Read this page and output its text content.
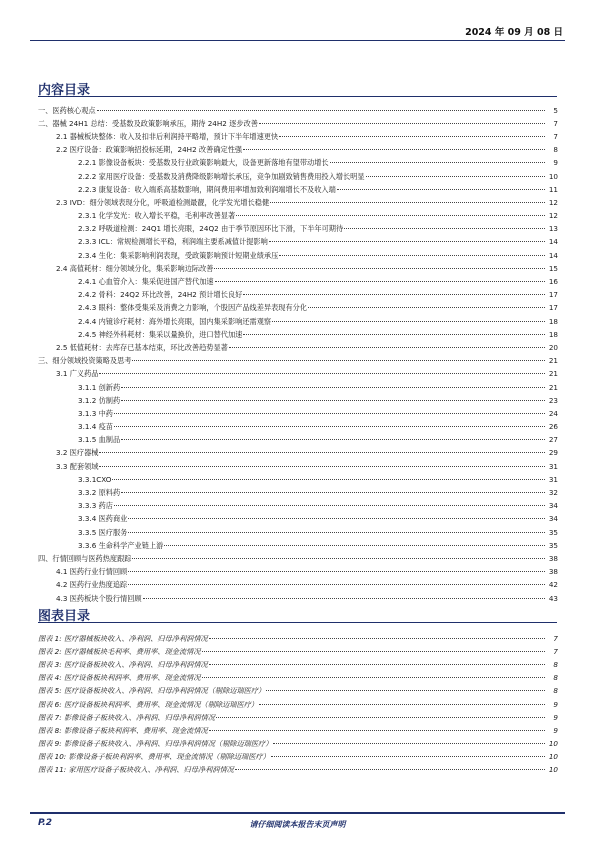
2024 年 09 月 08 日
内容目录
一、医药核心观点	5
二、器械 24H1 总结：受基数及政策影响承压，期待 24H2 逐步改善	7
2.1 器械板块整体：收入及扣非后利润持平略增，预计下半年增速更快	7
2.2 医疗设备：政策影响招投标延期，24H2 改善确定性强	8
2.2.1 影像设备板块：受基数及行业政策影响最大，设备更新落地有望带动增长	9
2.2.2 家用医疗设备：受基数及消费降级影响增长承压，竞争加剧致销售费用投入增长明显	10
2.2.3 康复设备：收入端系高基数影响，期间费用率增加致利润端增长不及收入端	11
2.3 IVD：细分领域表现分化，呼吸道检测最靓，化学发光增长稳健	12
2.3.1 化学发光：收入增长平稳，毛利率改善显著	12
2.3.2 呼吸道检测：24Q1 增长亮眼，24Q2 由于季节原因环比下滑，下半年可期待	13
2.3.3 ICL：常规检测增长平稳，利润端主要系减值计提影响	14
2.3.4 生化：集采影响利润表现，受政策影响预计短期业绩承压	14
2.4 高值耗材：细分领域分化，集采影响边际改善	15
2.4.1 心血管介入：集采促进国产替代加速	16
2.4.2 骨科：24Q2 环比改善，24H2 预计增长良好	17
2.4.3 眼科：整体受集采及消费之力影响，个股因产品线差异表现有分化	17
2.4.4 内镜诊疗耗材：海外增长亮眼，国内集采影响还需观察	18
2.4.5 神经外科耗材：集采以量换价，进口替代加速	18
2.5 低值耗材：去库存已基本结束，环比改善趋势显著	20
三、细分领域投资策略及思考	21
3.1 广义药品	21
3.1.1 创新药	21
3.1.2 仿制药	23
3.1.3 中药	24
3.1.4 疫苗	26
3.1.5 血制品	27
3.2 医疗器械	29
3.3 配套领域	31
3.3.1CXO	31
3.3.2 原料药	32
3.3.3 药店	34
3.3.4 医药商业	34
3.3.5 医疗服务	35
3.3.6 生命科学产业链上游	35
四、行情回顾与医药热度跟踪	38
4.1 医药行业行情回顾	38
4.2 医药行业热度追踪	42
4.3 医药板块个股行情回顾	43
图表目录
图表 1: 医疗器械板块收入、净利润、归母净利润情况	7
图表 2: 医疗器械板块毛利率、费用率、现金流情况	7
图表 3: 医疗设备板块收入、净利润、归母净利润情况	8
图表 4: 医疗设备板块利润率、费用率、现金流情况	8
图表 5: 医疗设备板块收入、净利润、归母净利润情况（剔除迈瑞医疗）	8
图表 6: 医疗设备板块利润率、费用率、现金流情况（剔除迈瑞医疗）	9
图表 7: 影像设备子板块收入、净利润、归母净利润情况	9
图表 8: 影像设备子板块利润率、费用率、现金流情况	9
图表 9: 影像设备子板块收入、净利润、归母净利润情况（剔除迈瑞医疗）	10
图表 10: 影像设备子板块利润率、费用率、现金流情况（剔除迈瑞医疗）	10
图表 11: 家用医疗设备子板块收入、净利润、归母净利润情况	10
P.2	请仔细阅读本报告末页声明
